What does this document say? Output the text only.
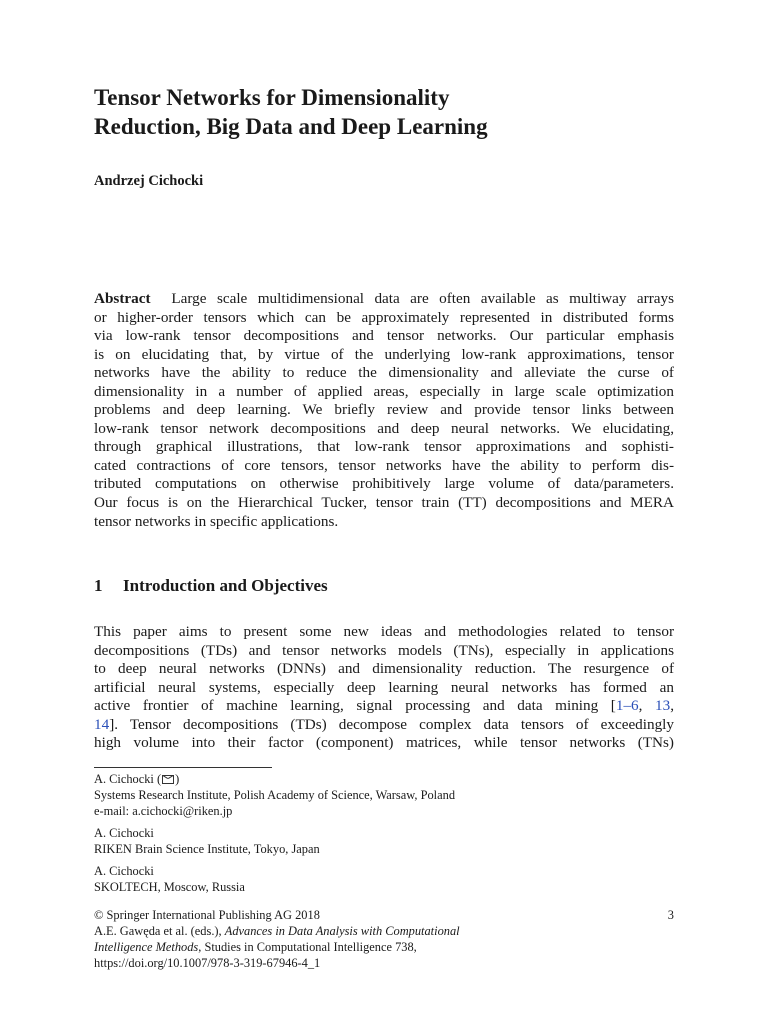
Tensor Networks for Dimensionality
Reduction, Big Data and Deep Learning

Andrzej Cichocki

Abstract Large scale multidimensional data are often available as multiway arrays
or higher-order tensors which can be approximately represented in distributed forms
via low-rank tensor decompositions and tensor networks. Our particular emphasis
is on elucidating that, by virtue of the underlying low-rank approximations, tensor
networks have the ability to reduce the dimensionality and alleviate the curse of
dimensionality in a number of applied areas, especially in large scale optimization
problems and deep learning. We briefly review and provide tensor links between
low-rank tensor network decompositions and deep neural networks. We elucidating,
through graphical illustrations, that low-rank tensor approximations and sophisti-
cated contractions of core tensors, tensor networks have the ability to perform dis-
tributed computations on otherwise prohibitively large volume of data/parameters.
Our focus is on the Hierarchical Tucker, tensor train (TT) decompositions and MERA
tensor networks in specific applications.
1 Introduction and Objectives
This paper aims to present some new ideas and methodologies related to tensor
decompositions (TDs) and tensor networks models (TNs), especially in applications
to deep neural networks (DNNs) and dimensionality reduction. The resurgence of
artificial neural systems, especially deep learning neural networks has formed an
active frontier of machine learning, signal processing and data mining [1–6, 13,
14]. Tensor decompositions (TDs) decompose complex data tensors of exceedingly
high volume into their factor (component) matrices, while tensor networks (TNs)
A. Cichocki ( )
Systems Research Institute, Polish Academy of Science, Warsaw, Poland
e-mail: a.cichocki@riken.jp
A. Cichocki
RIKEN Brain Science Institute, Tokyo, Japan
A. Cichocki
SKOLTECH, Moscow, Russia
© Springer International Publishing AG 2018
A.E. Gawęda et al. (eds.), Advances in Data Analysis with Computational
Intelligence Methods, Studies in Computational Intelligence 738,
https://doi.org/10.1007/978-3-319-67946-4_1
3
